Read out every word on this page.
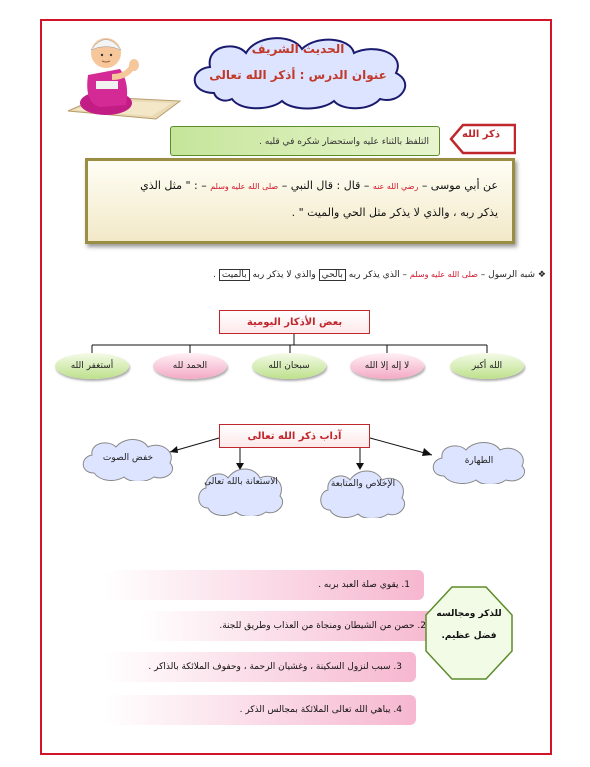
الحديث الشريف
عنوان الدرس : أذكر الله تعالى
ذكر الله
التلفظ بالثناء عليه واستحضار شكره في قلبه .
عن أبي موسى – رضي الله عنه – قال : قال النبي – صلى الله عليه وسلم – : " مثل الذي
يذكر ربه ، والذي لا يذكر مثل الحي والميت " .
❖ شبه الرسول – صلى الله عليه وسلم – الذي يذكر ربه بالحي والذي لا يذكر ربه بالميت .
بعض الأذكار اليومية
الله أكبر
لا إله إلا الله
سبحان الله
الحمد لله
أستغفر الله
آداب ذكر الله تعالى
الطهارة
الإخلاص والمتابعة
الاستعانة بالله تعالى
خفض الصوت
1. يقوي صلة العبد بربه .
2. حصن من الشيطان ومنجاة من العذاب وطريق للجنة.
3. سبب لنزول السكينة ، وغشيان الرحمة ، وحفوف الملائكة بالذاكر .
4. يباهي الله تعالى الملائكة بمجالس الذكر .
للذكر ومجالسه
فضل عظيم.
